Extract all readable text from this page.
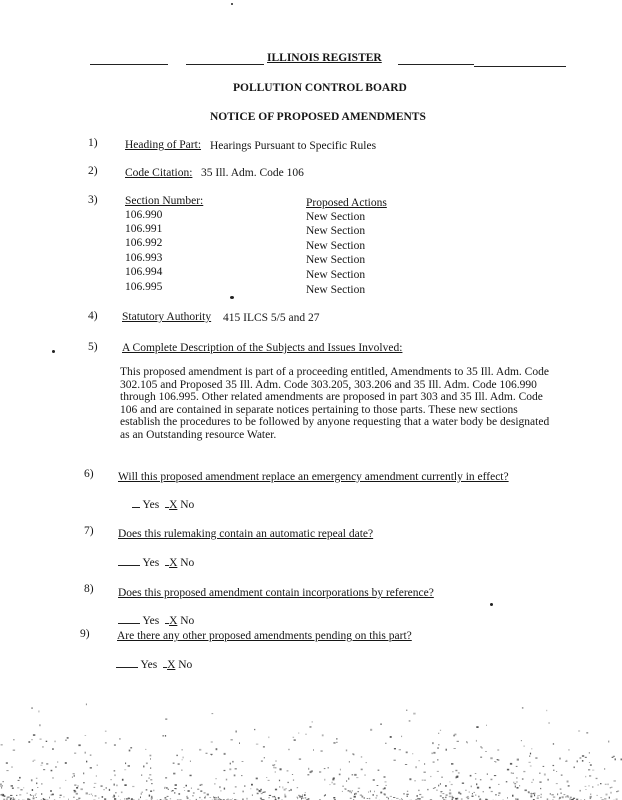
ILLINOIS REGISTER
POLLUTION CONTROL BOARD
NOTICE OF PROPOSED AMENDMENTS
1) Heading of Part: Hearings Pursuant to Specific Rules
2) Code Citation: 35 Ill. Adm. Code 106
3) Section Number:	Proposed Actions
106.990	New Section
106.991	New Section
106.992	New Section
106.993	New Section
106.994	New Section
106.995	New Section
4) Statutory Authority 415 ILCS 5/5 and 27
5) A Complete Description of the Subjects and Issues Involved:
This proposed amendment is part of a proceeding entitled, Amendments to 35 Ill. Adm. Code 302.105 and Proposed 35 Ill. Adm. Code 303.205, 303.206 and 35 Ill. Adm. Code 106.990 through 106.995. Other related amendments are proposed in part 303 and 35 Ill. Adm. Code 106 and are contained in separate notices pertaining to those parts. These new sections establish the procedures to be followed by anyone requesting that a water body be designated as an Outstanding resource Water.
6) Will this proposed amendment replace an emergency amendment currently in effect?
Yes X No
7) Does this rulemaking contain an automatic repeal date?
Yes X No
8) Does this proposed amendment contain incorporations by reference?
Yes X No
9) Are there any other proposed amendments pending on this part?
Yes X No
